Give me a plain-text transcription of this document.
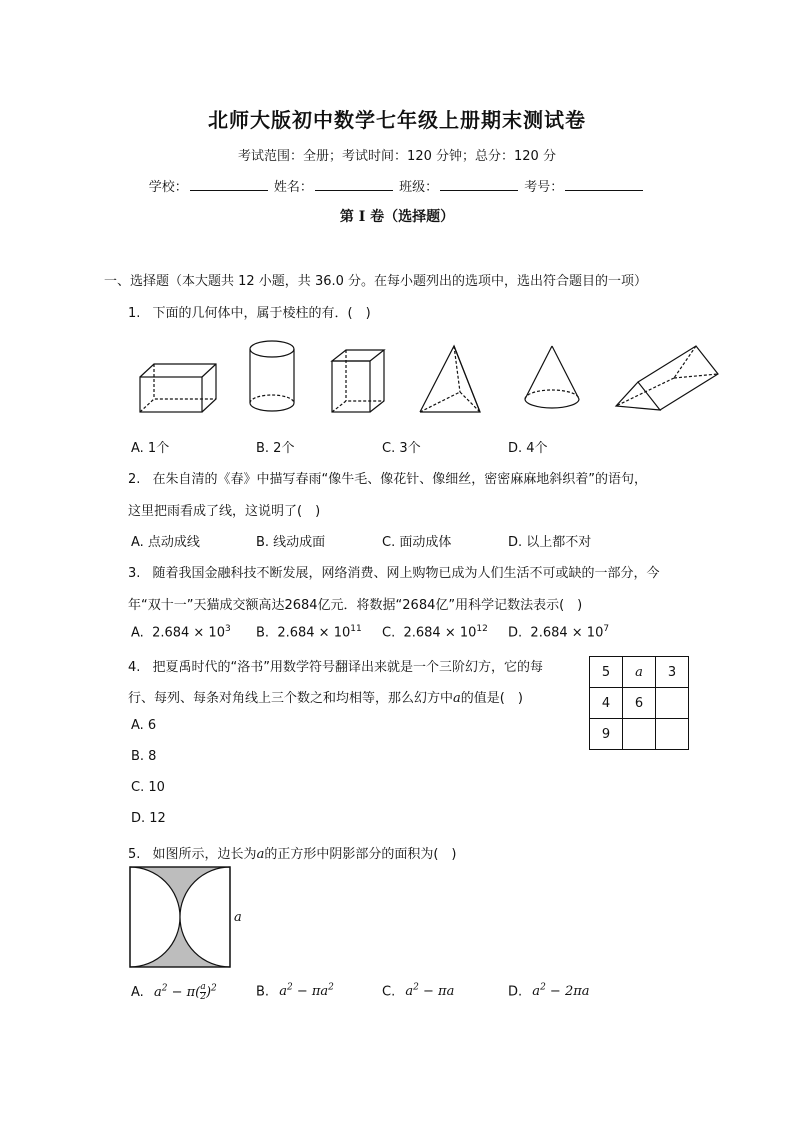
北师大版初中数学七年级上册期末测试卷
考试范围：全册；考试时间：120 分钟；总分：120 分
学校：	姓名：	班级：	考号：
第 I 卷（选择题）
一、选择题（本大题共 12 小题，共 36.0 分。在每小题列出的选项中，选出符合题目的一项）
1. 下面的几何体中，属于棱柱的有．(　)
A. 1个	B. 2个	C. 3个	D. 4个
2. 在朱自清的《春》中描写春雨“像牛毛、像花针、像细丝，密密麻麻地斜织着”的语句，
这里把雨看成了线，这说明了(　)
A. 点动成线	B. 线动成面	C. 面动成体	D. 以上都不对
3. 随着我国金融科技不断发展，网络消费、网上购物已成为人们生活不可或缺的一部分，今
年“双十一”天猫成交额高达2684亿元．将数据“2684亿”用科学记数法表示(　)
A. $2.684 \times 10^3$ B. $2.684 \times 10^{11}$ C. $2.684 \times 10^{12}$ D. $2.684 \times 10^7$
4. 把夏禹时代的“洛书”用数学符号翻译出来就是一个三阶幻方，它的每
行、每列、每条对角线上三个数之和均相等，那么幻方中a的值是(　)
A. 6
B. 8
C. 10
D. 12
5	a	3
4	6	
9		
5. 如图所示，边长为a的正方形中阴影部分的面积为(　)
a
A. $a^2 - \pi( \frac{a}{2} )^2$	B. $a^2 - \pi a^2$	C. $a^2 - \pi a$	D. $a^2 - 2\pi a$
